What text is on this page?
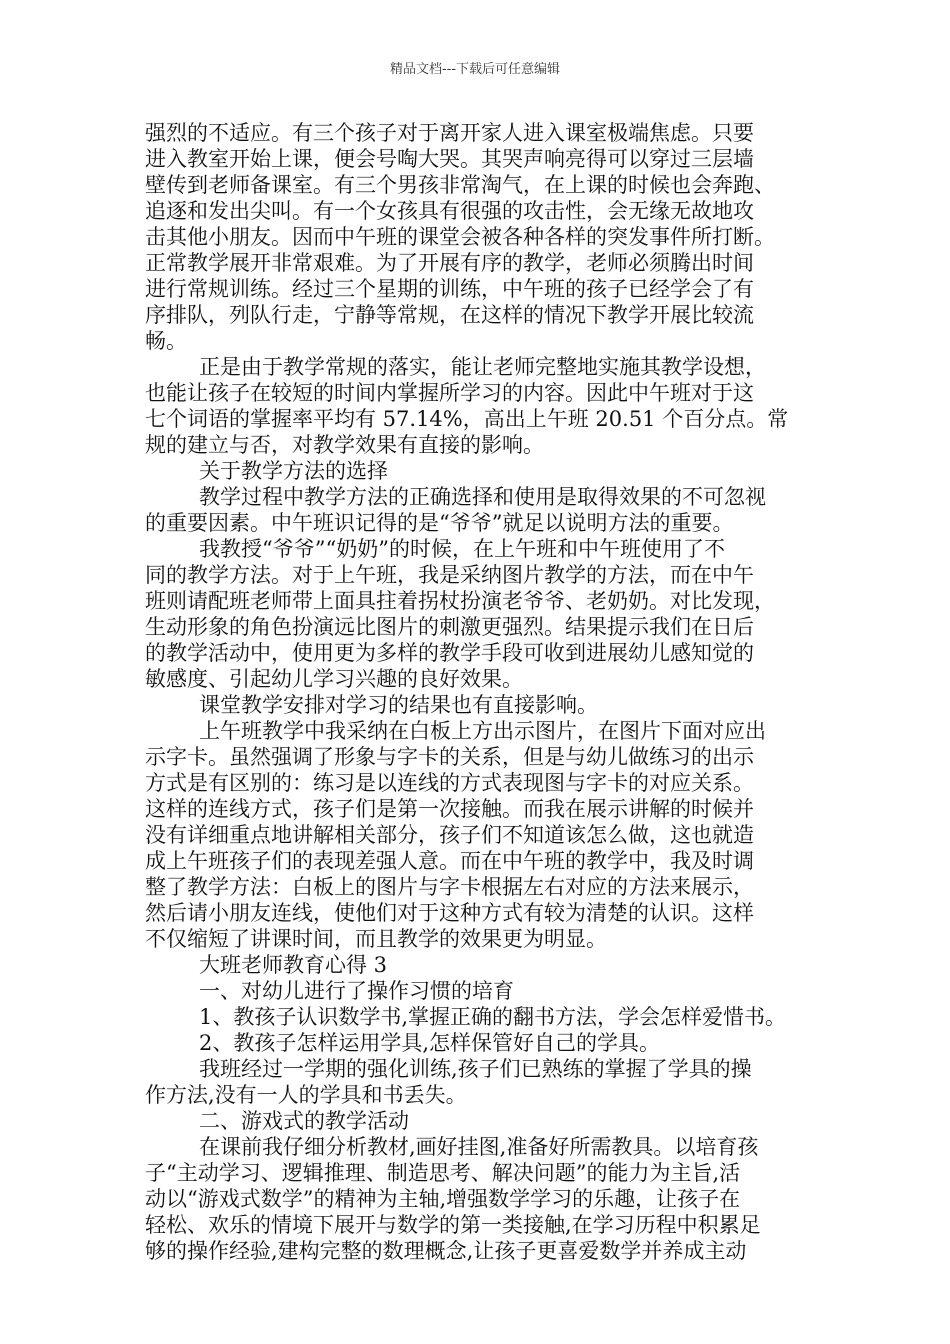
精品文档---下载后可任意编辑
强烈的不适应。有三个孩子对于离开家人进入课室极端焦虑。只要
进入教室开始上课，便会号啕大哭。其哭声响亮得可以穿过三层墙
壁传到老师备课室。有三个男孩非常淘气，在上课的时候也会奔跑、
追逐和发出尖叫。有一个女孩具有很强的攻击性，会无缘无故地攻
击其他小朋友。因而中午班的课堂会被各种各样的突发事件所打断。
正常教学展开非常艰难。为了开展有序的教学，老师必须腾出时间
进行常规训练。经过三个星期的训练，中午班的孩子已经学会了有
序排队，列队行走，宁静等常规，在这样的情况下教学开展比较流
畅。
正是由于教学常规的落实，能让老师完整地实施其教学设想，
也能让孩子在较短的时间内掌握所学习的内容。因此中午班对于这
七个词语的掌握率平均有 57.14%，高出上午班 20.51 个百分点。常
规的建立与否，对教学效果有直接的影响。
关于教学方法的选择
教学过程中教学方法的正确选择和使用是取得效果的不可忽视
的重要因素。中午班识记得的是“爷爷”就足以说明方法的重要。
我教授“爷爷”“奶奶”的时候，在上午班和中午班使用了不
同的教学方法。对于上午班，我是采纳图片教学的方法，而在中午
班则请配班老师带上面具拄着拐杖扮演老爷爷、老奶奶。对比发现，
生动形象的角色扮演远比图片的刺激更强烈。结果提示我们在日后
的教学活动中，使用更为多样的教学手段可收到进展幼儿感知觉的
敏感度、引起幼儿学习兴趣的良好效果。
课堂教学安排对学习的结果也有直接影响。
上午班教学中我采纳在白板上方出示图片，在图片下面对应出
示字卡。虽然强调了形象与字卡的关系，但是与幼儿做练习的出示
方式是有区别的：练习是以连线的方式表现图与字卡的对应关系。
这样的连线方式，孩子们是第一次接触。而我在展示讲解的时候并
没有详细重点地讲解相关部分，孩子们不知道该怎么做，这也就造
成上午班孩子们的表现差强人意。而在中午班的教学中，我及时调
整了教学方法：白板上的图片与字卡根据左右对应的方法来展示，
然后请小朋友连线，使他们对于这种方式有较为清楚的认识。这样
不仅缩短了讲课时间，而且教学的效果更为明显。
大班老师教育心得 3
一、对幼儿进行了操作习惯的培育
1、教孩子认识数学书,掌握正确的翻书方法，学会怎样爱惜书。
2、教孩子怎样运用学具,怎样保管好自己的学具。
我班经过一学期的强化训练,孩子们已熟练的掌握了学具的操
作方法,没有一人的学具和书丢失。
二、游戏式的教学活动
在课前我仔细分析教材,画好挂图,准备好所需教具。以培育孩
子“主动学习、逻辑推理、制造思考、解决问题”的能力为主旨,活
动以“游戏式数学”的精神为主轴,增强数学学习的乐趣，让孩子在
轻松、欢乐的情境下展开与数学的第一类接触,在学习历程中积累足
够的操作经验,建构完整的数理概念,让孩子更喜爱数学并养成主动
